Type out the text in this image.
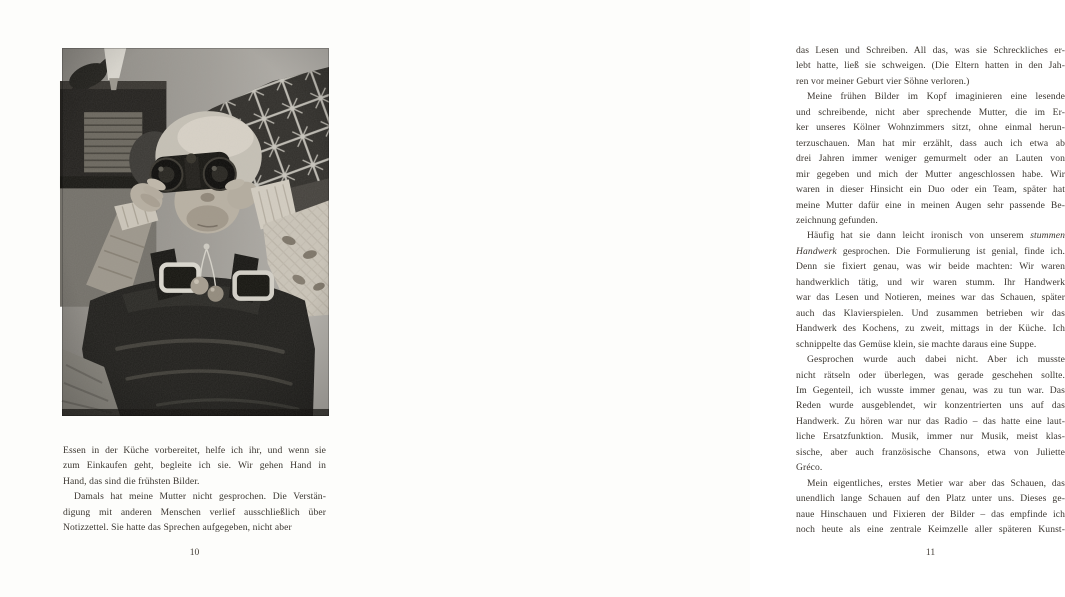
Essen in der Küche vorbereitet, helfe ich ihr, und wenn sie
zum Einkaufen geht, begleite ich sie. Wir gehen Hand in
Hand, das sind die frühsten Bilder.
Damals hat meine Mutter nicht gesprochen. Die Verstän-
digung mit anderen Menschen verlief ausschließlich über
Notizzettel. Sie hatte das Sprechen aufgegeben, nicht aber
10
das Lesen und Schreiben. All das, was sie Schreckliches er-
lebt hatte, ließ sie schweigen. (Die Eltern hatten in den Jah-
ren vor meiner Geburt vier Söhne verloren.)
Meine frühen Bilder im Kopf imaginieren eine lesende
und schreibende, nicht aber sprechende Mutter, die im Er-
ker unseres Kölner Wohnzimmers sitzt, ohne einmal herun-
terzuschauen. Man hat mir erzählt, dass auch ich etwa ab
drei Jahren immer weniger gemurmelt oder an Lauten von
mir gegeben und mich der Mutter angeschlossen habe. Wir
waren in dieser Hinsicht ein Duo oder ein Team, später hat
meine Mutter dafür eine in meinen Augen sehr passende Be-
zeichnung gefunden.
Häufig hat sie dann leicht ironisch von unserem stummen
Handwerk gesprochen. Die Formulierung ist genial, finde ich.
Denn sie fixiert genau, was wir beide machten: Wir waren
handwerklich tätig, und wir waren stumm. Ihr Handwerk
war das Lesen und Notieren, meines war das Schauen, später
auch das Klavierspielen. Und zusammen betrieben wir das
Handwerk des Kochens, zu zweit, mittags in der Küche. Ich
schnippelte das Gemüse klein, sie machte daraus eine Suppe.
Gesprochen wurde auch dabei nicht. Aber ich musste
nicht rätseln oder überlegen, was gerade geschehen sollte.
Im Gegenteil, ich wusste immer genau, was zu tun war. Das
Reden wurde ausgeblendet, wir konzentrierten uns auf das
Handwerk. Zu hören war nur das Radio – das hatte eine laut-
liche Ersatzfunktion. Musik, immer nur Musik, meist klas-
sische, aber auch französische Chansons, etwa von Juliette
Gréco.
Mein eigentliches, erstes Metier war aber das Schauen, das
unendlich lange Schauen auf den Platz unter uns. Dieses ge-
naue Hinschauen und Fixieren der Bilder – das empfinde ich
noch heute als eine zentrale Keimzelle aller späteren Kunst-
11
